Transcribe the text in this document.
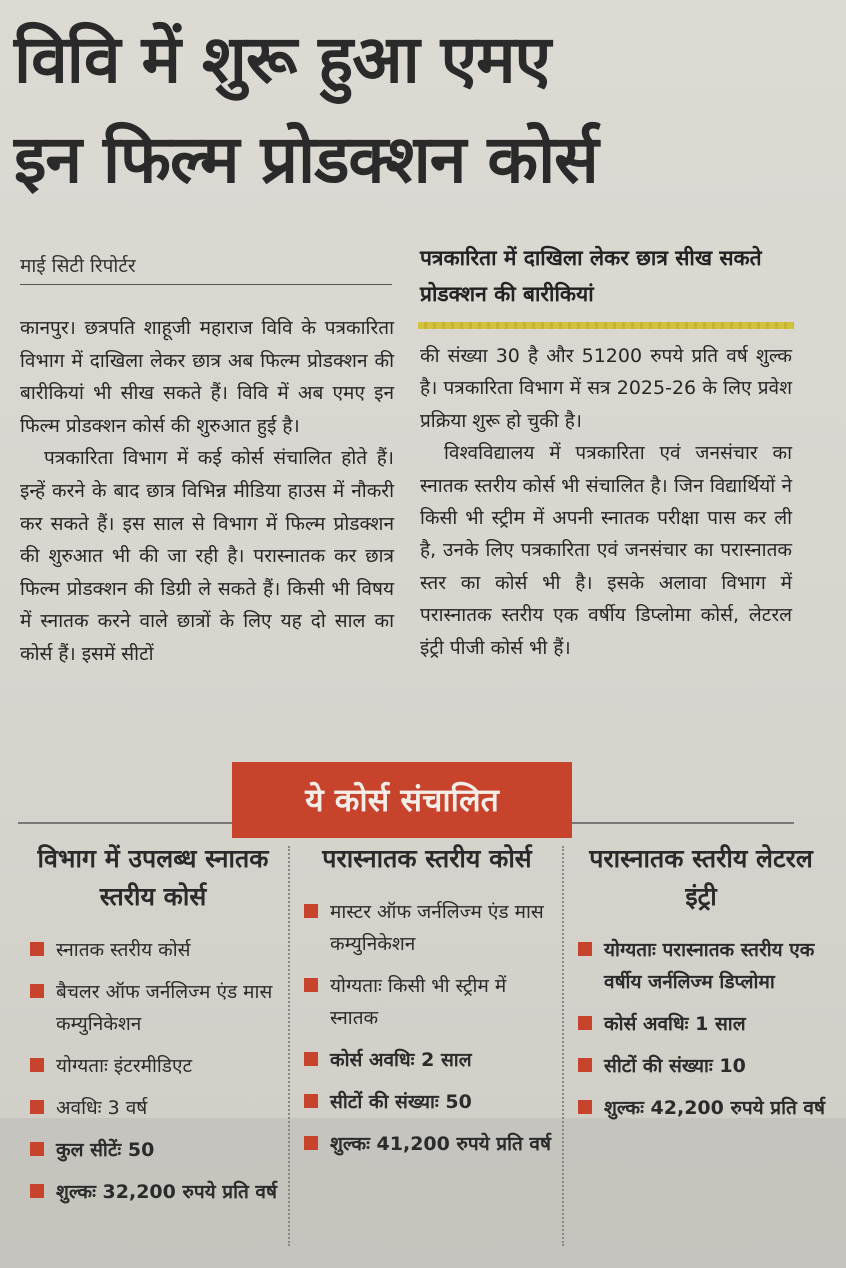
विवि में शुरू हुआ एमए
इन फिल्म प्रोडक्शन कोर्स
माई सिटी रिपोर्टर

कानपुर। छत्रपति शाहूजी महाराज विवि के पत्रकारिता विभाग में दाखिला लेकर छात्र अब फिल्म प्रोडक्शन की बारीकियां भी सीख सकते हैं। विवि में अब एमए इन फिल्म प्रोडक्शन कोर्स की शुरुआत हुई है।

पत्रकारिता विभाग में कई कोर्स संचालित होते हैं। इन्हें करने के बाद छात्र विभिन्न मीडिया हाउस में नौकरी कर सकते हैं। इस साल से विभाग में फिल्म प्रोडक्शन की शुरुआत भी की जा रही है। परास्नातक कर छात्र फिल्म प्रोडक्शन की डिग्री ले सकते हैं। किसी भी विषय में स्नातक करने वाले छात्रों के लिए यह दो साल का कोर्स हैं। इसमें सीटों

पत्रकारिता में दाखिला लेकर छात्र सीख सकते प्रोडक्शन की बारीकियां

की संख्या 30 है और 51200 रुपये प्रति वर्ष शुल्क है। पत्रकारिता विभाग में सत्र 2025-26 के लिए प्रवेश प्रक्रिया शुरू हो चुकी है।

विश्वविद्यालय में पत्रकारिता एवं जनसंचार का स्नातक स्तरीय कोर्स भी संचालित है। जिन विद्यार्थियों ने किसी भी स्ट्रीम में अपनी स्नातक परीक्षा पास कर ली है, उनके लिए पत्रकारिता एवं जनसंचार का परास्नातक स्तर का कोर्स भी है। इसके अलावा विभाग में परास्नातक स्तरीय एक वर्षीय डिप्लोमा कोर्स, लेटरल इंट्री पीजी कोर्स भी हैं।

ये कोर्स संचालित
विभाग में उपलब्ध स्नातक स्तरीय कोर्स
स्नातक स्तरीय कोर्स
बैचलर ऑफ जर्नलिज्म एंड मास कम्युनिकेशन
योग्यताः इंटरमीडिएट
अवधिः 3 वर्ष
कुल सीटेंः 50
शुल्कः 32,200 रुपये प्रति वर्ष
परास्नातक स्तरीय कोर्स
मास्टर ऑफ जर्नलिज्म एंड मास कम्युनिकेशन
योग्यताः किसी भी स्ट्रीम में स्नातक
कोर्स अवधिः 2 साल
सीटों की संख्याः 50
शुल्कः 41,200 रुपये प्रति वर्ष
परास्नातक स्तरीय लेटरल इंट्री
योग्यताः परास्नातक स्तरीय एक वर्षीय जर्नलिज्म डिप्लोमा
कोर्स अवधिः 1 साल
सीटों की संख्याः 10
शुल्कः 42,200 रुपये प्रति वर्ष
